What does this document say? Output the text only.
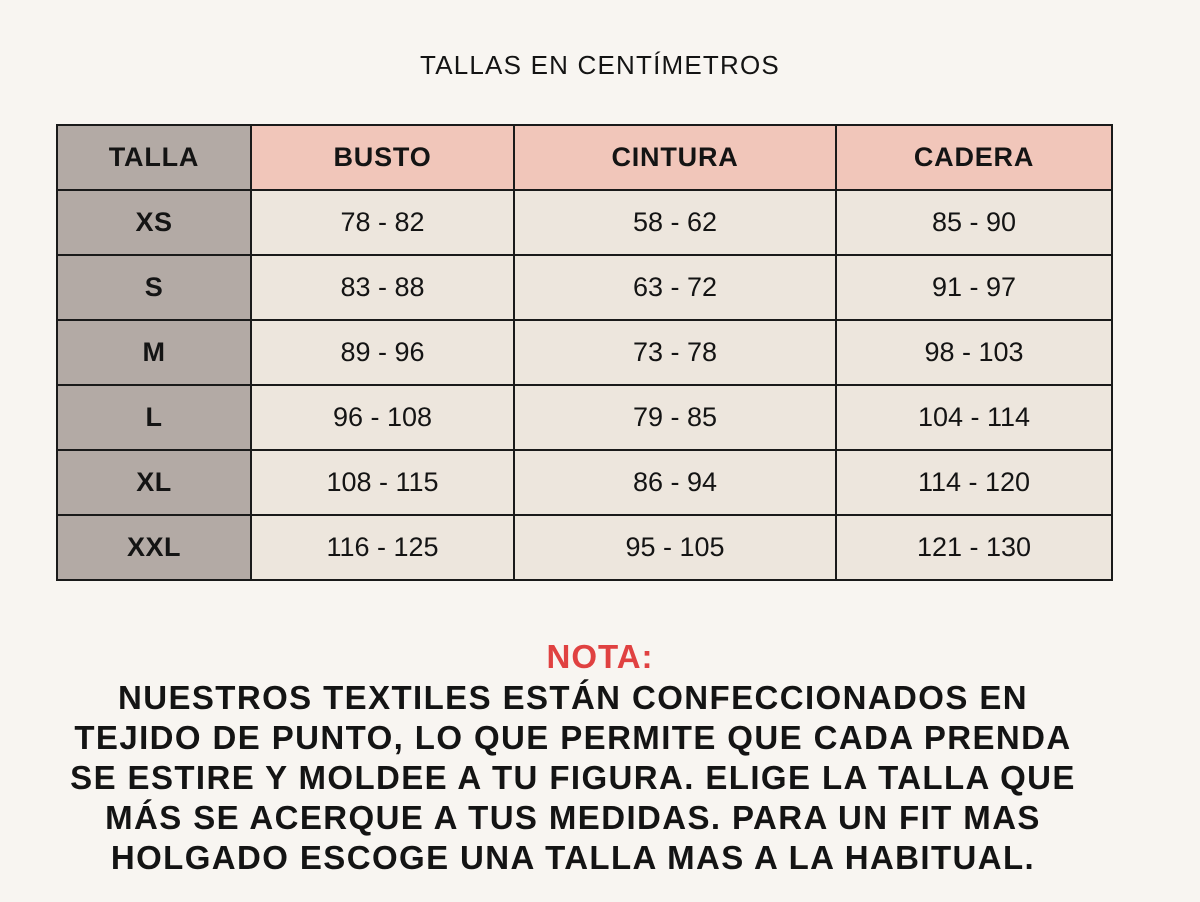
TALLAS EN CENTÍMETROS
TALLA	BUSTO	CINTURA	CADERA
XS	78 - 82	58 - 62	85 - 90
S	83 - 88	63 - 72	91 - 97
M	89 - 96	73 - 78	98 - 103
L	96 - 108	79 - 85	104 - 114
XL	108 - 115	86 - 94	114 - 120
XXL	116 - 125	95 - 105	121 - 130
NOTA:
NUESTROS TEXTILES ESTÁN CONFECCIONADOS EN
TEJIDO DE PUNTO, LO QUE PERMITE QUE CADA PRENDA
SE ESTIRE Y MOLDEE A TU FIGURA. ELIGE LA TALLA QUE
MÁS SE ACERQUE A TUS MEDIDAS. PARA UN FIT MAS
HOLGADO ESCOGE UNA TALLA MAS A LA HABITUAL.
